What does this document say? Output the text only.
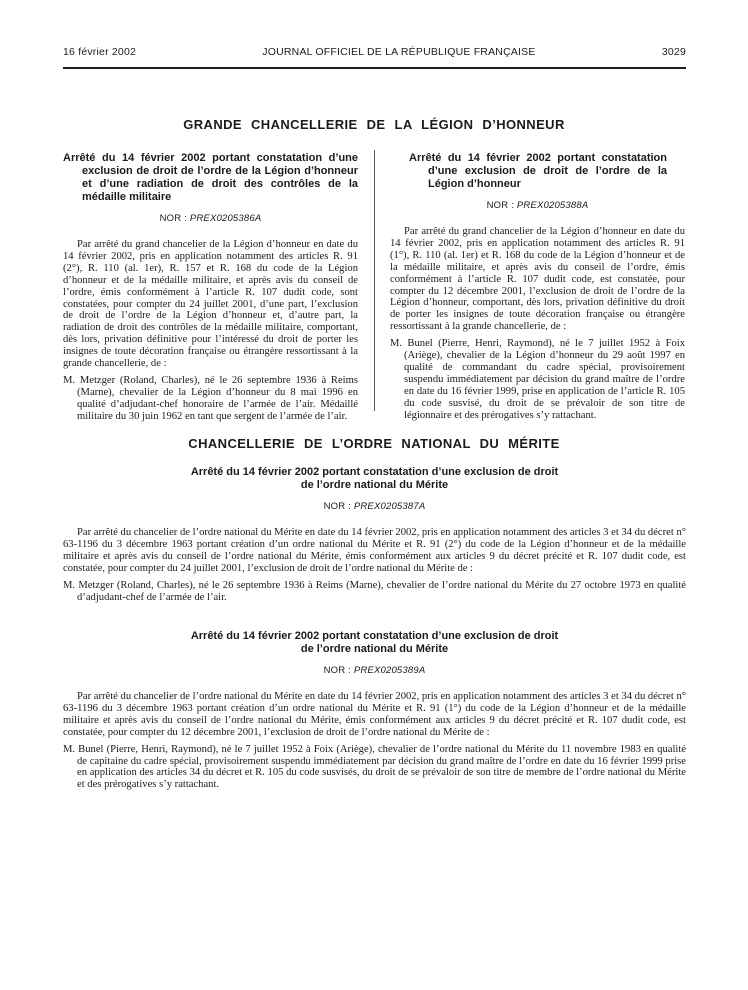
16 février 2002	JOURNAL OFFICIEL DE LA RÉPUBLIQUE FRANÇAISE	3029
GRANDE CHANCELLERIE DE LA LÉGION D’HONNEUR

Arrêté du 14 février 2002 portant constatation d’une exclusion de droit de l’ordre de la Légion d’honneur et d’une radiation de droit des contrôles de la médaille militaire

NOR : PREX0205386A

Par arrêté du grand chancelier de la Légion d’honneur en date du 14 février 2002, pris en application notamment des articles R. 91 (2°), R. 110 (al. 1er), R. 157 et R. 168 du code de la Légion d’honneur et de la médaille militaire, et après avis du conseil de l’ordre, émis conformément à l’article R. 107 dudit code, sont constatées, pour compter du 24 juillet 2001, d’une part, l’exclusion de droit de l’ordre de la Légion d’honneur et, d’autre part, la radiation de droit des contrôles de la médaille militaire, comportant, dès lors, privation définitive pour l’intéressé du droit de porter les insignes de toute décoration française ou étrangère ressortissant à la grande chancellerie, de :

M. Metzger (Roland, Charles), né le 26 septembre 1936 à Reims (Marne), chevalier de la Légion d’honneur du 8 mai 1996 en qualité d’adjudant-chef honoraire de l’armée de l’air. Médaillé militaire du 30 juin 1962 en tant que sergent de l’armée de l’air.

Arrêté du 14 février 2002 portant constatation d’une exclusion de droit de l’ordre de la Légion d’honneur

NOR : PREX0205388A

Par arrêté du grand chancelier de la Légion d’honneur en date du 14 février 2002, pris en application notamment des articles R. 91 (1°), R. 110 (al. 1er) et R. 168 du code de la Légion d’honneur et de la médaille militaire, et après avis du conseil de l’ordre, émis conformément à l’article R. 107 dudit code, est constatée, pour compter du 12 décembre 2001, l’exclusion de droit de l’ordre de la Légion d’honneur, comportant, dès lors, privation définitive du droit de porter les insignes de toute décoration française ou étrangère ressortissant à la grande chancellerie, de :

M. Bunel (Pierre, Henri, Raymond), né le 7 juillet 1952 à Foix (Ariège), chevalier de la Légion d’honneur du 29 août 1997 en qualité de commandant du cadre spécial, provisoirement suspendu immédiatement par décision du grand maître de l’ordre en date du 16 février 1999, prise en application de l’article R. 105 du code susvisé, du droit de se prévaloir de son titre de légionnaire et des prérogatives s’y rattachant.

CHANCELLERIE DE L’ORDRE NATIONAL DU MÉRITE

Arrêté du 14 février 2002 portant constatation d’une exclusion de droit de l’ordre national du Mérite

NOR : PREX0205387A

Par arrêté du chancelier de l’ordre national du Mérite en date du 14 février 2002, pris en application notamment des articles 3 et 34 du décret n° 63-1196 du 3 décembre 1963 portant création d’un ordre national du Mérite et R. 91 (2°) du code de la Légion d’honneur et de la médaille militaire et après avis du conseil de l’ordre national du Mérite, émis conformément aux articles 9 du décret précité et R. 107 dudit code, est constatée, pour compter du 24 juillet 2001, l’exclusion de droit de l’ordre national du Mérite de :

M. Metzger (Roland, Charles), né le 26 septembre 1936 à Reims (Marne), chevalier de l’ordre national du Mérite du 27 octobre 1973 en qualité d’adjudant-chef de l’armée de l’air.

Arrêté du 14 février 2002 portant constatation d’une exclusion de droit de l’ordre national du Mérite

NOR : PREX0205389A

Par arrêté du chancelier de l’ordre national du Mérite en date du 14 février 2002, pris en application notamment des articles 3 et 34 du décret n° 63-1196 du 3 décembre 1963 portant création d’un ordre national du Mérite et R. 91 (1°) du code de la Légion d’honneur et de la médaille militaire et après avis du conseil de l’ordre national du Mérite, émis conformément aux articles 9 du décret précité et R. 107 dudit code, est constatée, pour compter du 12 décembre 2001, l’exclusion de droit de l’ordre national du Mérite de :

M. Bunel (Pierre, Henri, Raymond), né le 7 juillet 1952 à Foix (Ariège), chevalier de l’ordre national du Mérite du 11 novembre 1983 en qualité de capitaine du cadre spécial, provisoirement suspendu immédiatement par décision du grand maître de l’ordre en date du 16 février 1999 prise en application des articles 34 du décret et R. 105 du code susvisés, du droit de se prévaloir de son titre de membre de l’ordre national du Mérite et des prérogatives s’y rattachant.
